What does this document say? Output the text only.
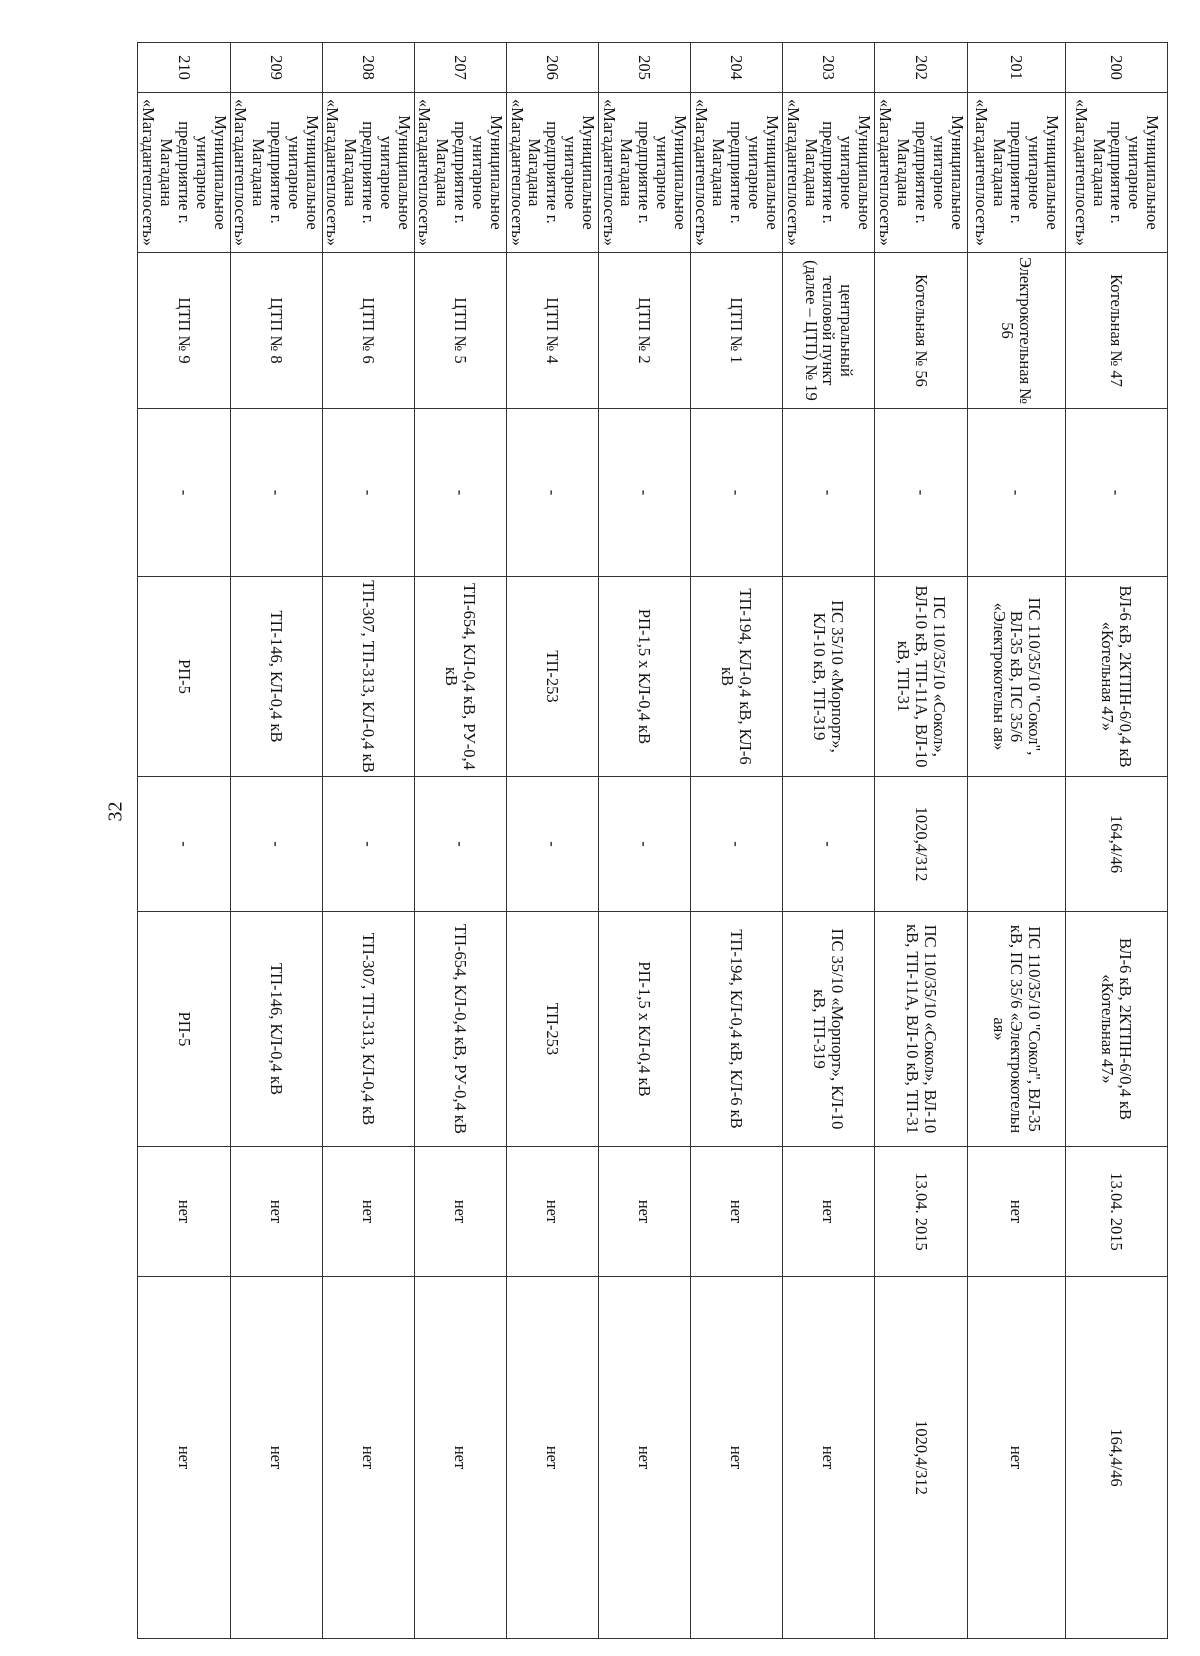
32
200	Муниципальное унитарное предприятие г. Магадана «Магадантеплосеть»	Котельная № 47	-	ВЛ-6 кВ, 2КТПН-6/0,4 кВ «Котельная 47»	164,4/46	ВЛ-6 кВ, 2КТПН-6/0,4 кВ «Котельная 47»	13.04. 2015	164,4/46
201	Муниципальное унитарное предприятие г. Магадана «Магадантеплосеть»	Электрокотельная № 56	-	ПС 110/35/10 "Сокол", ВЛ-35 кВ, ПС 35/6 «Электрокотельн ая»		ПС 110/35/10 "Сокол", ВЛ-35 кВ, ПС 35/6 «Электрокотельн ая»	нет	нет
202	Муниципальное унитарное предприятие г. Магадана «Магадантеплосеть»	Котельная № 56	-	ПС 110/35/10 «Сокол», ВЛ-10 кВ, ТП-11А, ВЛ-10 кВ, ТП-31	1020,4/312	ПС 110/35/10 «Сокол», ВЛ-10 кВ, ТП-11А, ВЛ-10 кВ, ТП-31	13.04. 2015	1020,4/312
203	Муниципальное унитарное предприятие г. Магадана «Магадантеплосеть»	центральный тепловой пункт (далее – ЦТП) № 19	-	ПС 35/10 «Морпорт», КЛ-10 кВ, ТП-319	-	ПС 35/10 «Морпорт», КЛ-10 кВ, ТП-319	нет	нет
204	Муниципальное унитарное предприятие г. Магадана «Магадантеплосеть»	ЦТП № 1	-	ТП-194, КЛ-0,4 кВ, КЛ-6 кВ	-	ТП-194, КЛ-0,4 кВ, КЛ-6 кВ	нет	нет
205	Муниципальное унитарное предприятие г. Магадана «Магадантеплосеть»	ЦТП № 2	-	РП-1,5 х КЛ-0,4 кВ	-	РП-1,5 х КЛ-0,4 кВ	нет	нет
206	Муниципальное унитарное предприятие г. Магадана «Магадантеплосеть»	ЦТП № 4	-	ТП-253	-	ТП-253	нет	нет
207	Муниципальное унитарное предприятие г. Магадана «Магадантеплосеть»	ЦТП № 5	-	ТП-654, КЛ-0,4 кВ, РУ-0,4 кВ	-	ТП-654, КЛ-0,4 кВ, РУ-0,4 кВ	нет	нет
208	Муниципальное унитарное предприятие г. Магадана «Магадантеплосеть»	ЦТП № 6	-	ТП-307, ТП-313, КЛ-0,4 кВ	-	ТП-307, ТП-313, КЛ-0,4 кВ	нет	нет
209	Муниципальное унитарное предприятие г. Магадана «Магадантеплосеть»	ЦТП № 8	-	ТП-146, КЛ-0,4 кВ	-	ТП-146, КЛ-0,4 кВ	нет	нет
210	Муниципальное унитарное предприятие г. Магадана «Магадантеплосеть»	ЦТП № 9	-	РП-5	-	РП-5	нет	нет
